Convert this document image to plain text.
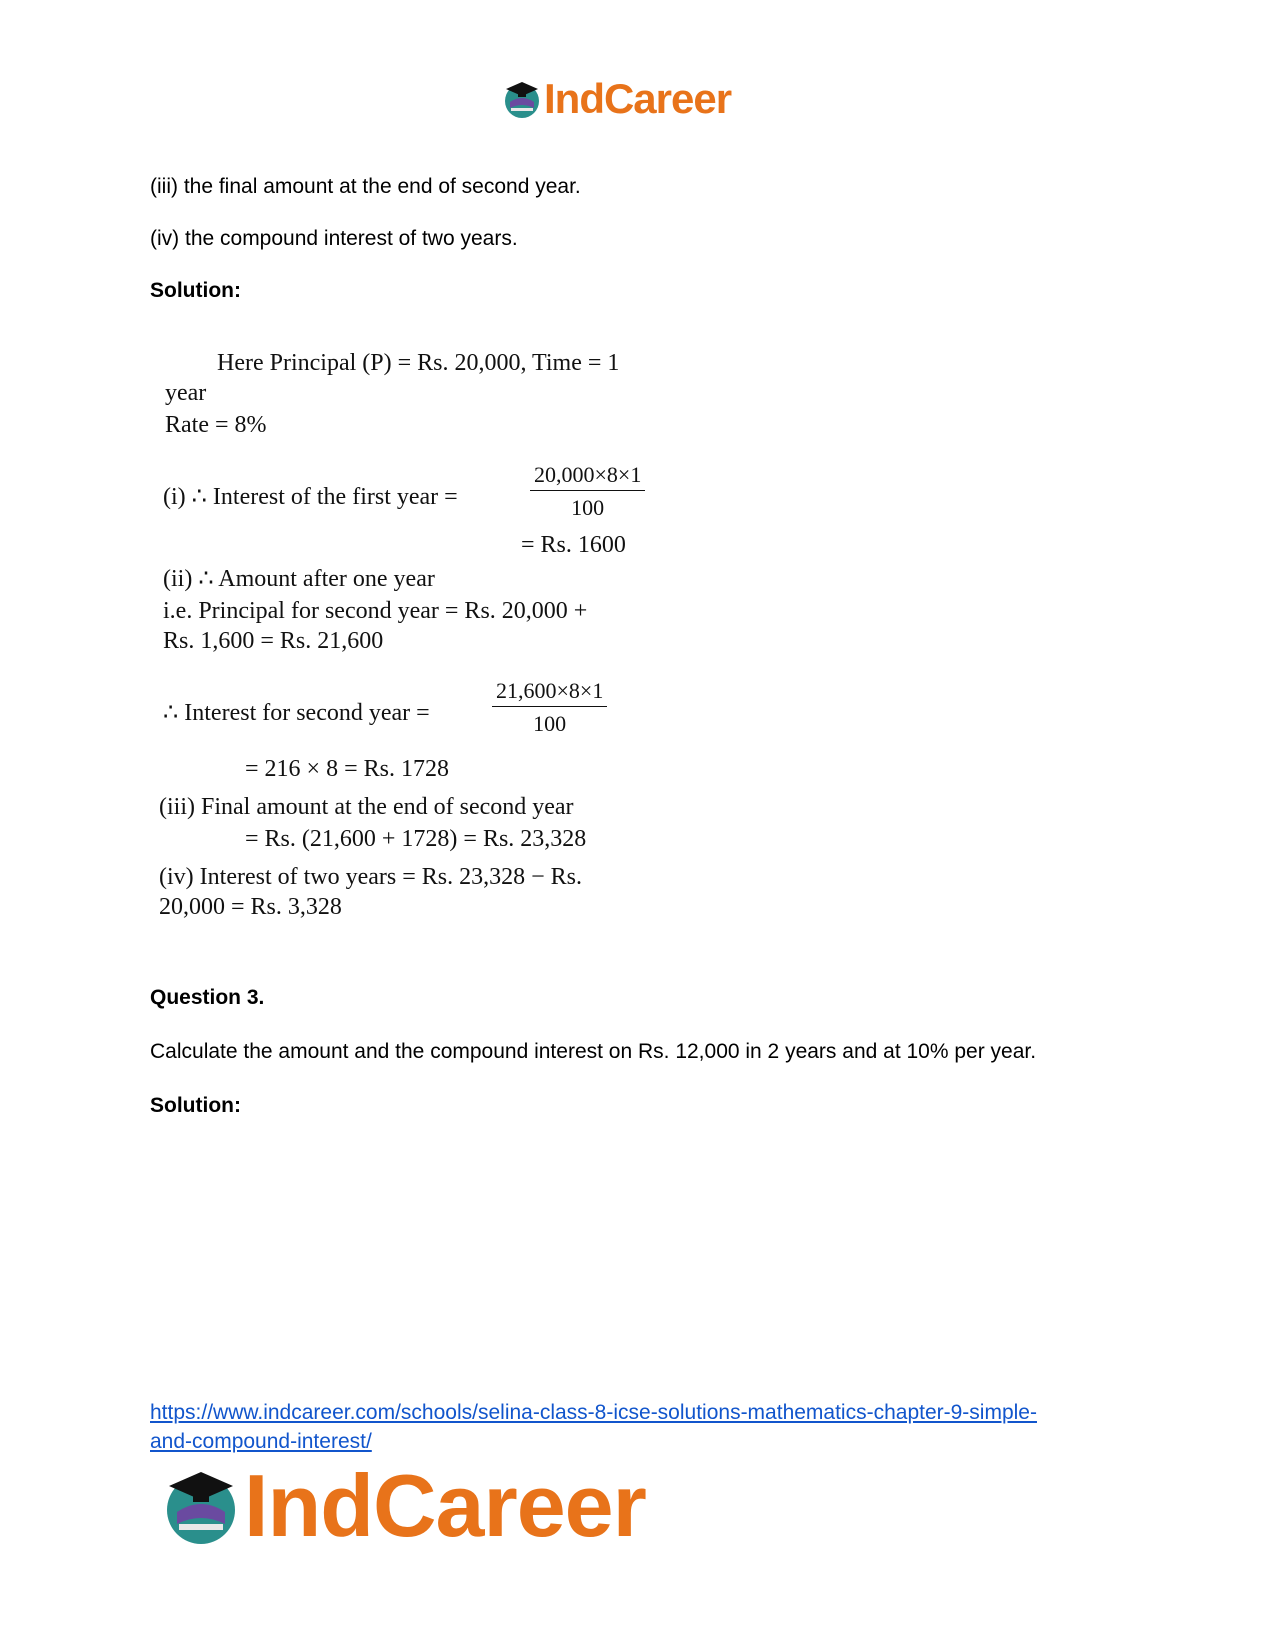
IndCareer
(iii) the final amount at the end of second year.
(iv) the compound interest of two years.
Solution:
Here Principal (P) = Rs. 20,000, Time = 1
year
Rate = 8%
(i) ∴ Interest of the first year =	$\frac{20,000\times 8\times 1}{100}$
= Rs. 1600
(ii) ∴ Amount after one year
i.e. Principal for second year = Rs. 20,000 +
Rs. 1,600 = Rs. 21,600
∴ Interest for second year =	$\frac{21,600\times 8\times 1}{100}$
= 216 × 8 = Rs. 1728
(iii) Final amount at the end of second year
= Rs. (21,600 + 1728) = Rs. 23,328
(iv) Interest of two years = Rs. 23,328 − Rs.
20,000 = Rs. 3,328
Question 3.
Calculate the amount and the compound interest on Rs. 12,000 in 2 years and at 10% per year.
Solution:
https://www.indcareer.com/schools/selina-class-8-icse-solutions-mathematics-chapter-9-simple-
and-compound-interest/
IndCareer
